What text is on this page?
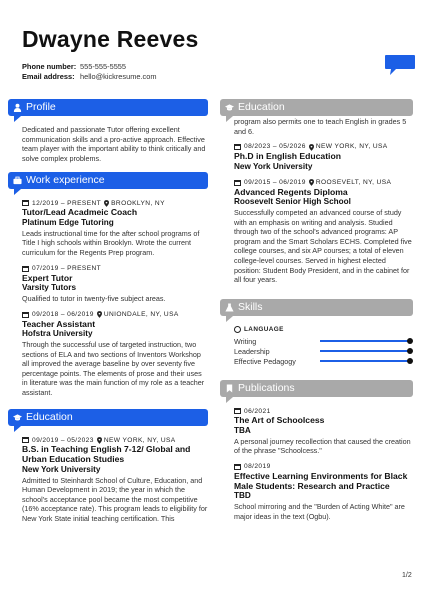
Dwayne Reeves
Phone number: 555-555-5555
Email address: hello@kickresume.com
Profile
Dedicated and passionate Tutor offering excellent communication skills and a pro-active approach. Effective team player with the important ability to think critically and solve complex problems.
Work experience
12/2019 – PRESENT BROOKLYN, NY
Tutor/Lead Acadmeic Coach
Platinum Edge Tutoring
Leads instructional time for the after school programs of Title I high schools within Brooklyn. Wrote the current curriculum for the Regents Prep program.
07/2019 – PRESENT
Expert Tutor
Varsity Tutors
Qualified to tutor in twenty-five subject areas.
09/2018 – 06/2019 UNIONDALE, NY, USA
Teacher Assistant
Hofstra University
Through the successful use of targeted instruction, two sections of ELA and two sections of Inventors Workshop all improved the average baseline by over seventy five percentage points. The elements of prose and their uses in literature was the main function of my role as a teacher assistant.
Education
09/2019 – 05/2023 NEW YORK, NY, USA
B.S. in Teaching English 7-12/ Global and Urban Education Studies
New York University
Admitted to Steinhardt School of Culture, Education, and Human Development in 2019; the year in which the school's acceptance pool became the most competitive (16% acceptance rate). This program leads to eligibility for New York State initial teaching certification. This
Education
program also permits one to teach English in grades 5 and 6.
08/2023 – 05/2026 NEW YORK, NY, USA
Ph.D in English Education
New York University
09/2015 – 06/2019 ROOSEVELT, NY, USA
Advanced Regents Diploma
Roosevelt Senior High School
Successfully competed an advanced course of study with an emphasis on writing and analysis. Studied through two of the school's advanced programs: AP program and the Smart Scholars ECHS. Completed five college courses, and six AP courses; a total of eleven college-level courses. Served in highest elected position: Student Body President, and in the cabinet for all four years.
Skills
LANGUAGE
Writing
Leadership
Effective Pedagogy
Publications
06/2021
The Art of Schoolcess
TBA
A personal journey recollection that caused the creation of the phrase "Schoolcess."
08/2019
Effective Learning Environments for Black Male Students: Research and Practice
TBD
School mirroring and the "Burden of Acting White" are major ideas in the text (Ogbu).
1/2
